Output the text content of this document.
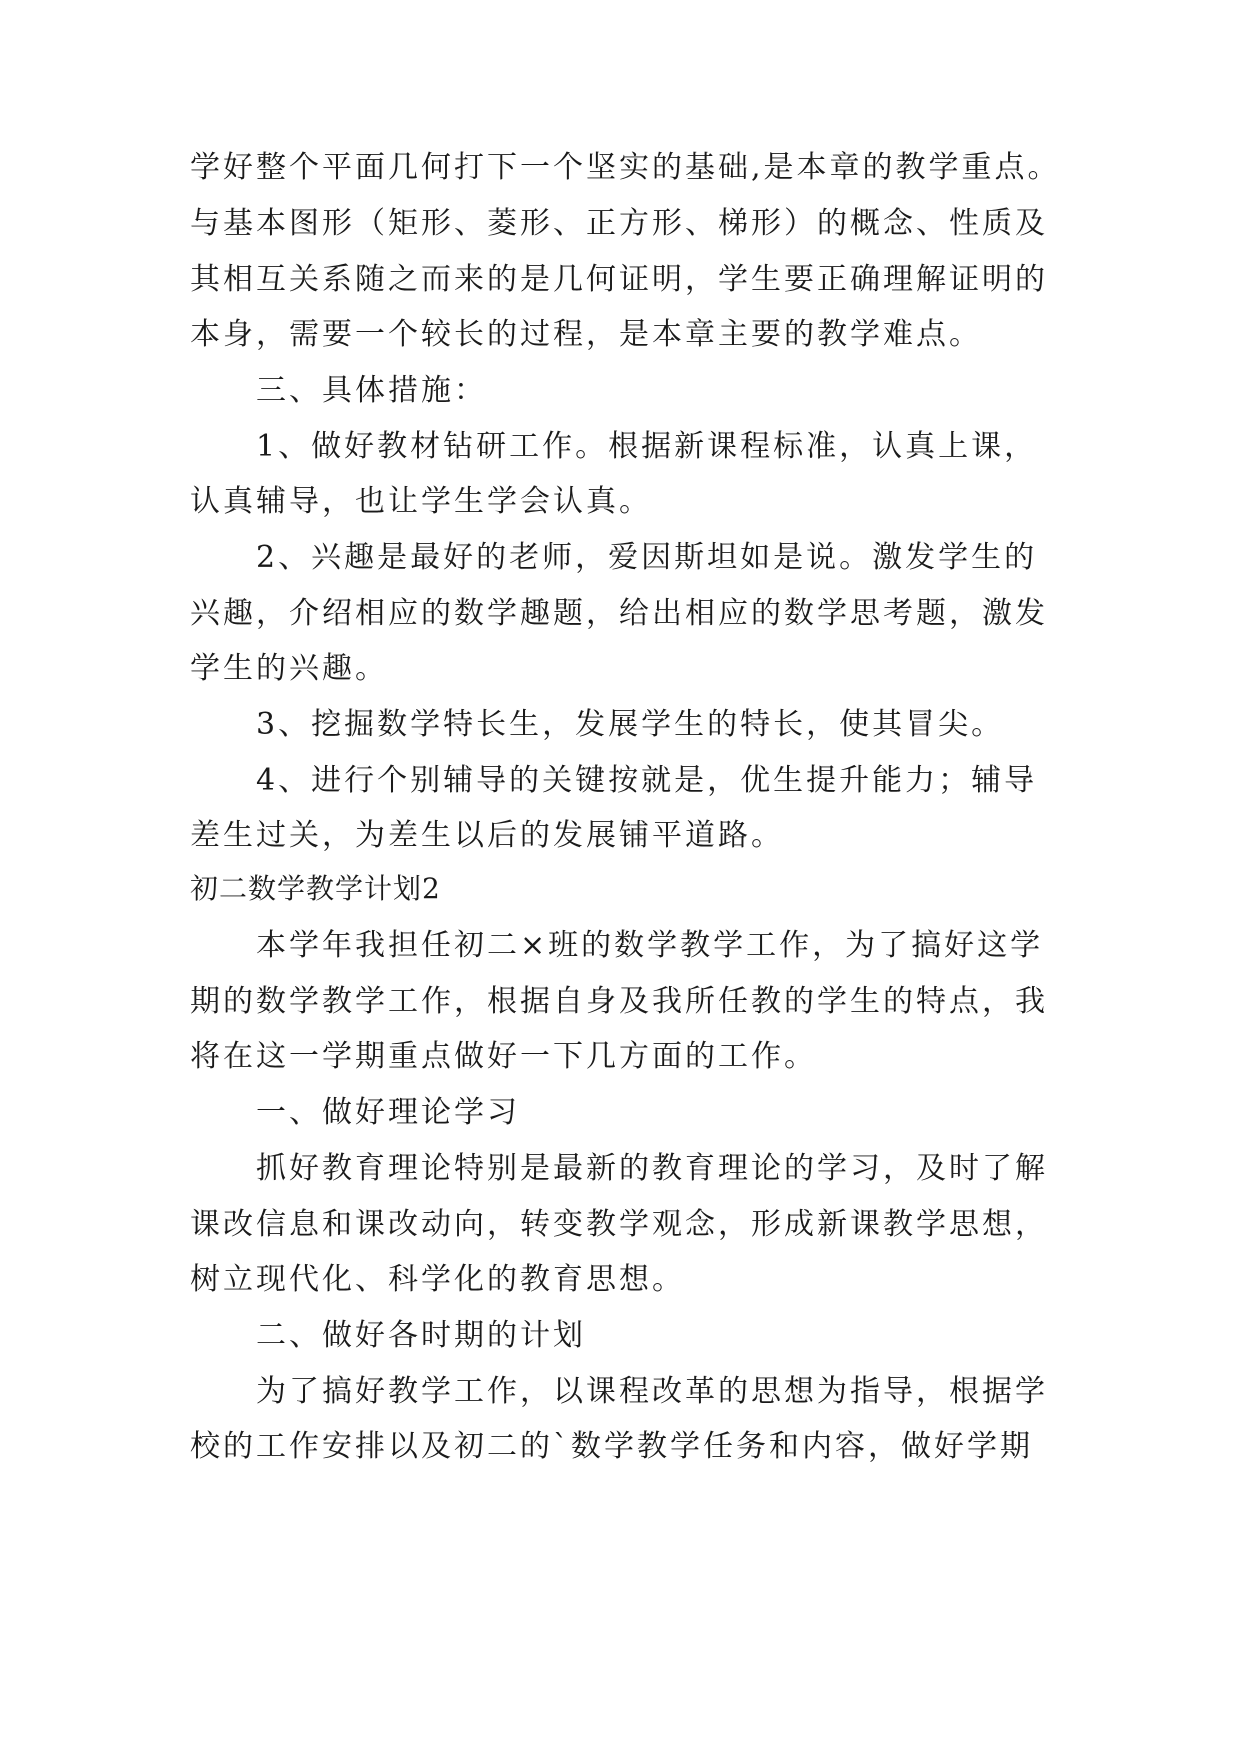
学好整个平面几何打下一个坚实的基础,是本章的教学重点。
与基本图形（矩形、菱形、正方形、梯形）的概念、性质及
其相互关系随之而来的是几何证明，学生要正确理解证明的
本身，需要一个较长的过程，是本章主要的教学难点。
三、具体措施：
1、做好教材钻研工作。根据新课程标准，认真上课，
认真辅导，也让学生学会认真。
2、兴趣是最好的老师，爱因斯坦如是说。激发学生的
兴趣，介绍相应的数学趣题，给出相应的数学思考题，激发
学生的兴趣。
3、挖掘数学特长生，发展学生的特长，使其冒尖。
4、进行个别辅导的关键按就是，优生提升能力；辅导
差生过关，为差生以后的发展铺平道路。
初二数学教学计划2
本学年我担任初二×班的数学教学工作，为了搞好这学
期的数学教学工作，根据自身及我所任教的学生的特点，我
将在这一学期重点做好一下几方面的工作。
一、做好理论学习
抓好教育理论特别是最新的教育理论的学习，及时了解
课改信息和课改动向，转变教学观念，形成新课教学思想，
树立现代化、科学化的教育思想。
二、做好各时期的计划
为了搞好教学工作，以课程改革的思想为指导，根据学
校的工作安排以及初二的`数学教学任务和内容，做好学期
